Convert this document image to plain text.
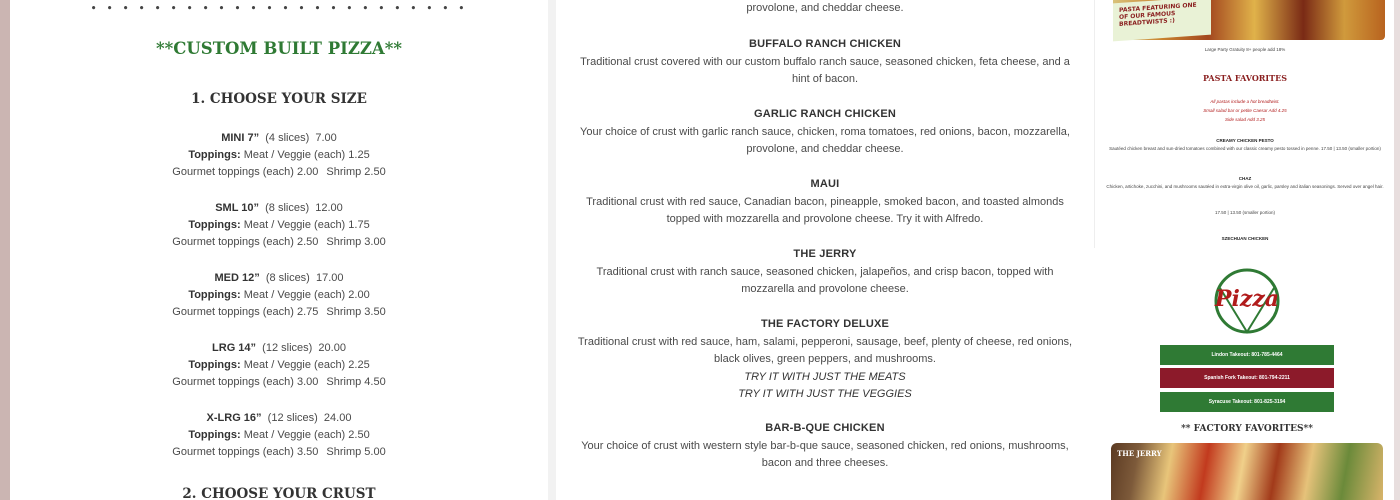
• • • • • • • • • • • • • • • • • • • • • • • •
**CUSTOM BUILT PIZZA**
1. CHOOSE YOUR SIZE
MINI 7” (4 slices) 7.00
Toppings: Meat / Veggie (each) 1.25
Gourmet toppings (each) 2.00 Shrimp 2.50
SML 10” (8 slices) 12.00
Toppings: Meat / Veggie (each) 1.75
Gourmet toppings (each) 2.50 Shrimp 3.00
MED 12” (8 slices) 17.00
Toppings: Meat / Veggie (each) 2.00
Gourmet toppings (each) 2.75 Shrimp 3.50
LRG 14” (12 slices) 20.00
Toppings: Meat / Veggie (each) 2.25
Gourmet toppings (each) 3.00 Shrimp 4.50
X-LRG 16” (12 slices) 24.00
Toppings: Meat / Veggie (each) 2.50
Gourmet toppings (each) 3.50 Shrimp 5.00
2. CHOOSE YOUR CRUST
provolone, and cheddar cheese.
BUFFALO RANCH CHICKEN
Traditional crust covered with our custom buffalo ranch sauce, seasoned chicken, feta cheese, and a hint of bacon.
GARLIC RANCH CHICKEN
Your choice of crust with garlic ranch sauce, chicken, roma tomatoes, red onions, bacon, mozzarella, provolone, and cheddar cheese.
MAUI
Traditional crust with red sauce, Canadian bacon, pineapple, smoked bacon, and toasted almonds topped with mozzarella and provolone cheese. Try it with Alfredo.
THE JERRY
Traditional crust with ranch sauce, seasoned chicken, jalapeños, and crisp bacon, topped with mozzarella and provolone cheese.
THE FACTORY DELUXE
Traditional crust with red sauce, ham, salami, pepperoni, sausage, beef, plenty of cheese, red onions, black olives, green peppers, and mushrooms.
TRY IT WITH JUST THE MEATS
TRY IT WITH JUST THE VEGGIES
BAR-B-QUE CHICKEN
Your choice of crust with western style bar-b-que sauce, seasoned chicken, red onions, mushrooms, bacon and three cheeses.
PASTA FEATURING ONE OF OUR FAMOUS BREADTWISTS :)
Large Party Gratuity 8+ people add 18%
PASTA FAVORITES
All pastas include a hot breadtwist.
Small salad bar or petite Caesar Add 4.25
Side salad Add 3.25
CREAMY CHICKEN PESTO
Sautéed chicken breast and sun-dried tomatoes combined with our classic creamy pesto tossed in penne. 17.50 | 13.50 (smaller portion)
CHAZ
Chicken, artichoke, zucchini, and mushrooms sautéed in extra-virgin olive oil, garlic, parsley and italian seasonings. Served over angel hair.
17.50 | 13.50 (smaller portion)
SZECHUAN CHICKEN
Pizza
Lindon Takeout: 801-785-4464
Spanish Fork Takeout: 801-794-2211
Syracuse Takeout: 801-825-3194
** FACTORY FAVORITES**
THE JERRY
